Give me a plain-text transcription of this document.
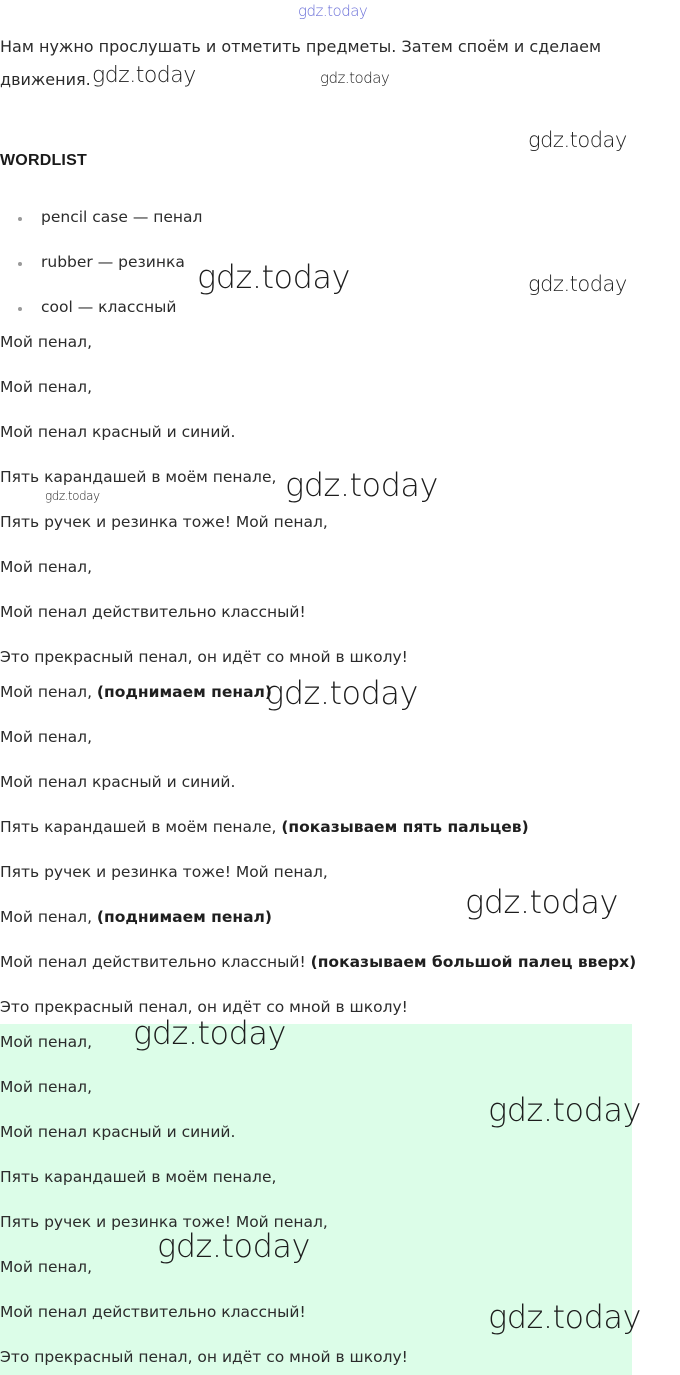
gdz.today
Нам нужно прослушать и отметить предметы. Затем споём и сделаем движения. gdz.today	gdz.today
gdz.today
WORDLIST
pencil case — пенал
rubber — резинка
cool — классный
gdz.today	gdz.today
Мой пенал,
Мой пенал,
Мой пенал красный и синий.
Пять карандашей в моём пенале,
Пять ручек и резинка тоже! Мой пенал,
Мой пенал,
Мой пенал действительно классный!
Это прекрасный пенал, он идёт со мной в школу!
gdz.today
gdz.today
Мой пенал, (поднимаем пенал)
Мой пенал,
Мой пенал красный и синий.
Пять карандашей в моём пенале, (показываем пять пальцев)
Пять ручек и резинка тоже! Мой пенал,
Мой пенал, (поднимаем пенал)
Мой пенал действительно классный! (показываем большой палец вверх)
Это прекрасный пенал, он идёт со мной в школу!
gdz.today
gdz.today
Мой пенал,
Мой пенал,
Мой пенал красный и синий.
Пять карандашей в моём пенале,
Пять ручек и резинка тоже! Мой пенал,
Мой пенал,
Мой пенал действительно классный!
Это прекрасный пенал, он идёт со мной в школу!
gdz.today
gdz.today
gdz.today
gdz.today
